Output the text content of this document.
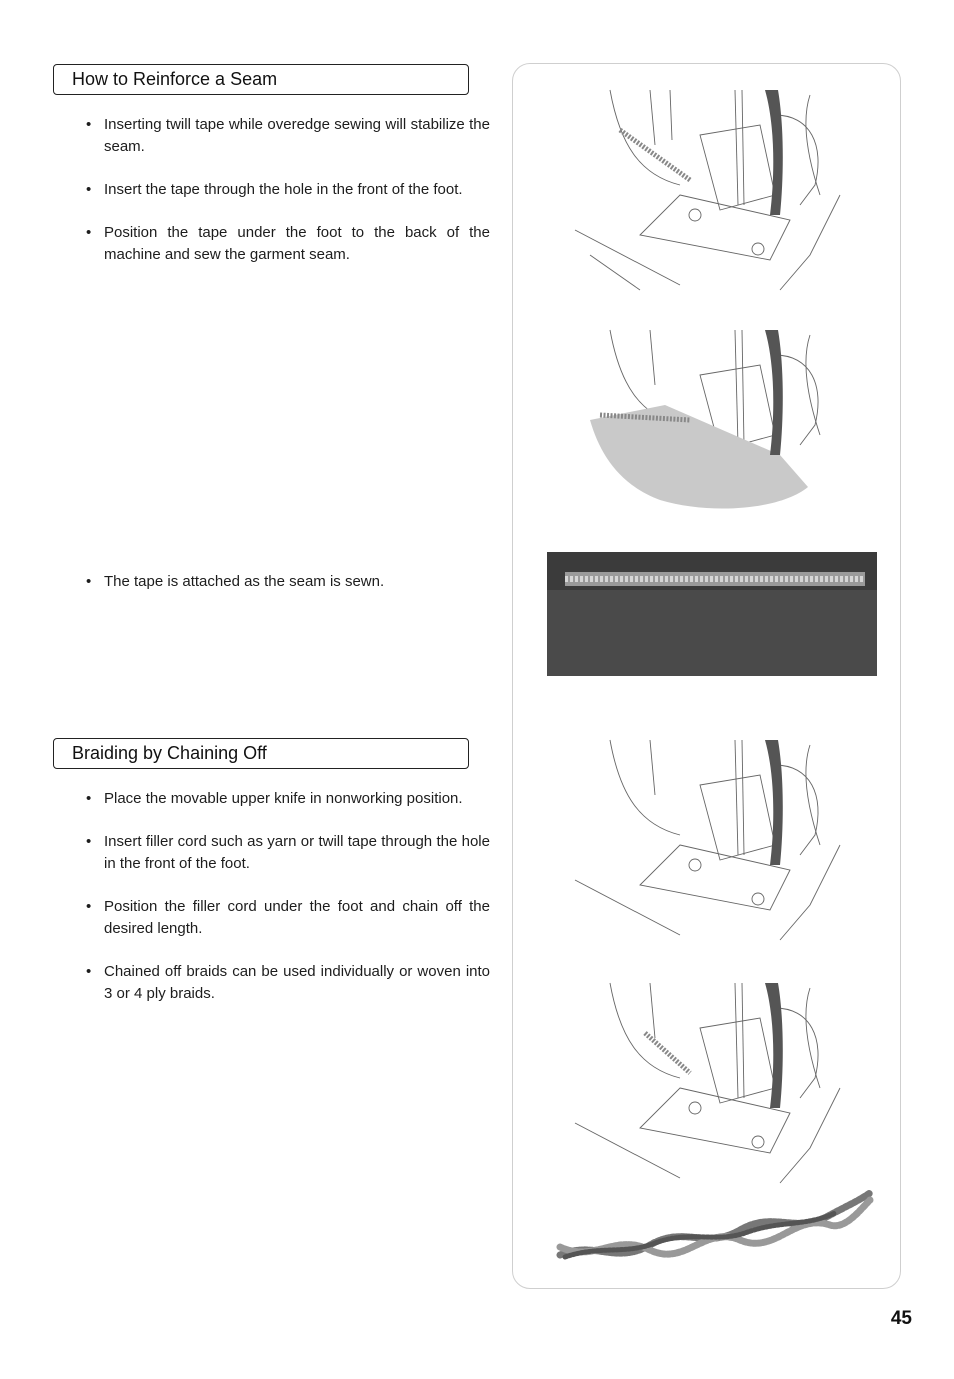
How to Reinforce a Seam
• Inserting twill tape while overedge sewing will stabilize the seam.
• Insert the tape through the hole in the front of the foot.
• Position the tape under the foot to the back of the machine and sew the garment seam.
• The tape is attached as the seam is sewn.
Braiding by Chaining Off
• Place the movable upper knife in nonworking position.
• Insert filler cord such as yarn or twill tape through the hole in the front of the foot.
• Position the filler cord under the foot and chain off the desired length.
• Chained off braids can be used individually or woven into 3 or 4 ply braids.
45
